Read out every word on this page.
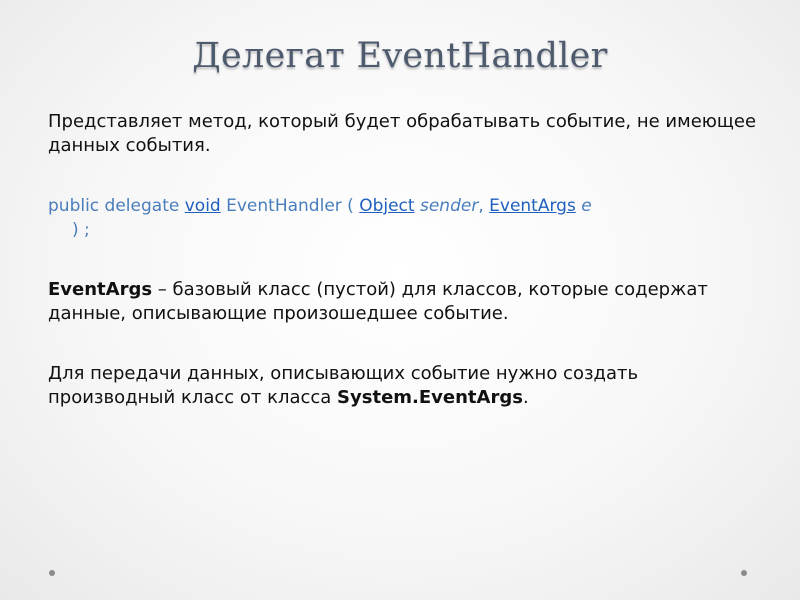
Делегат EventHandler

Представляет метод, который будет обрабатывать событие, не имеющее данных события.

public delegate void EventHandler ( Object sender, EventArgs e
) ;

EventArgs – базовый класс (пустой) для классов, которые содержат данные, описывающие произошедшее событие.

Для передачи данных, описывающих событие нужно создать производный класс от класса System.EventArgs.
